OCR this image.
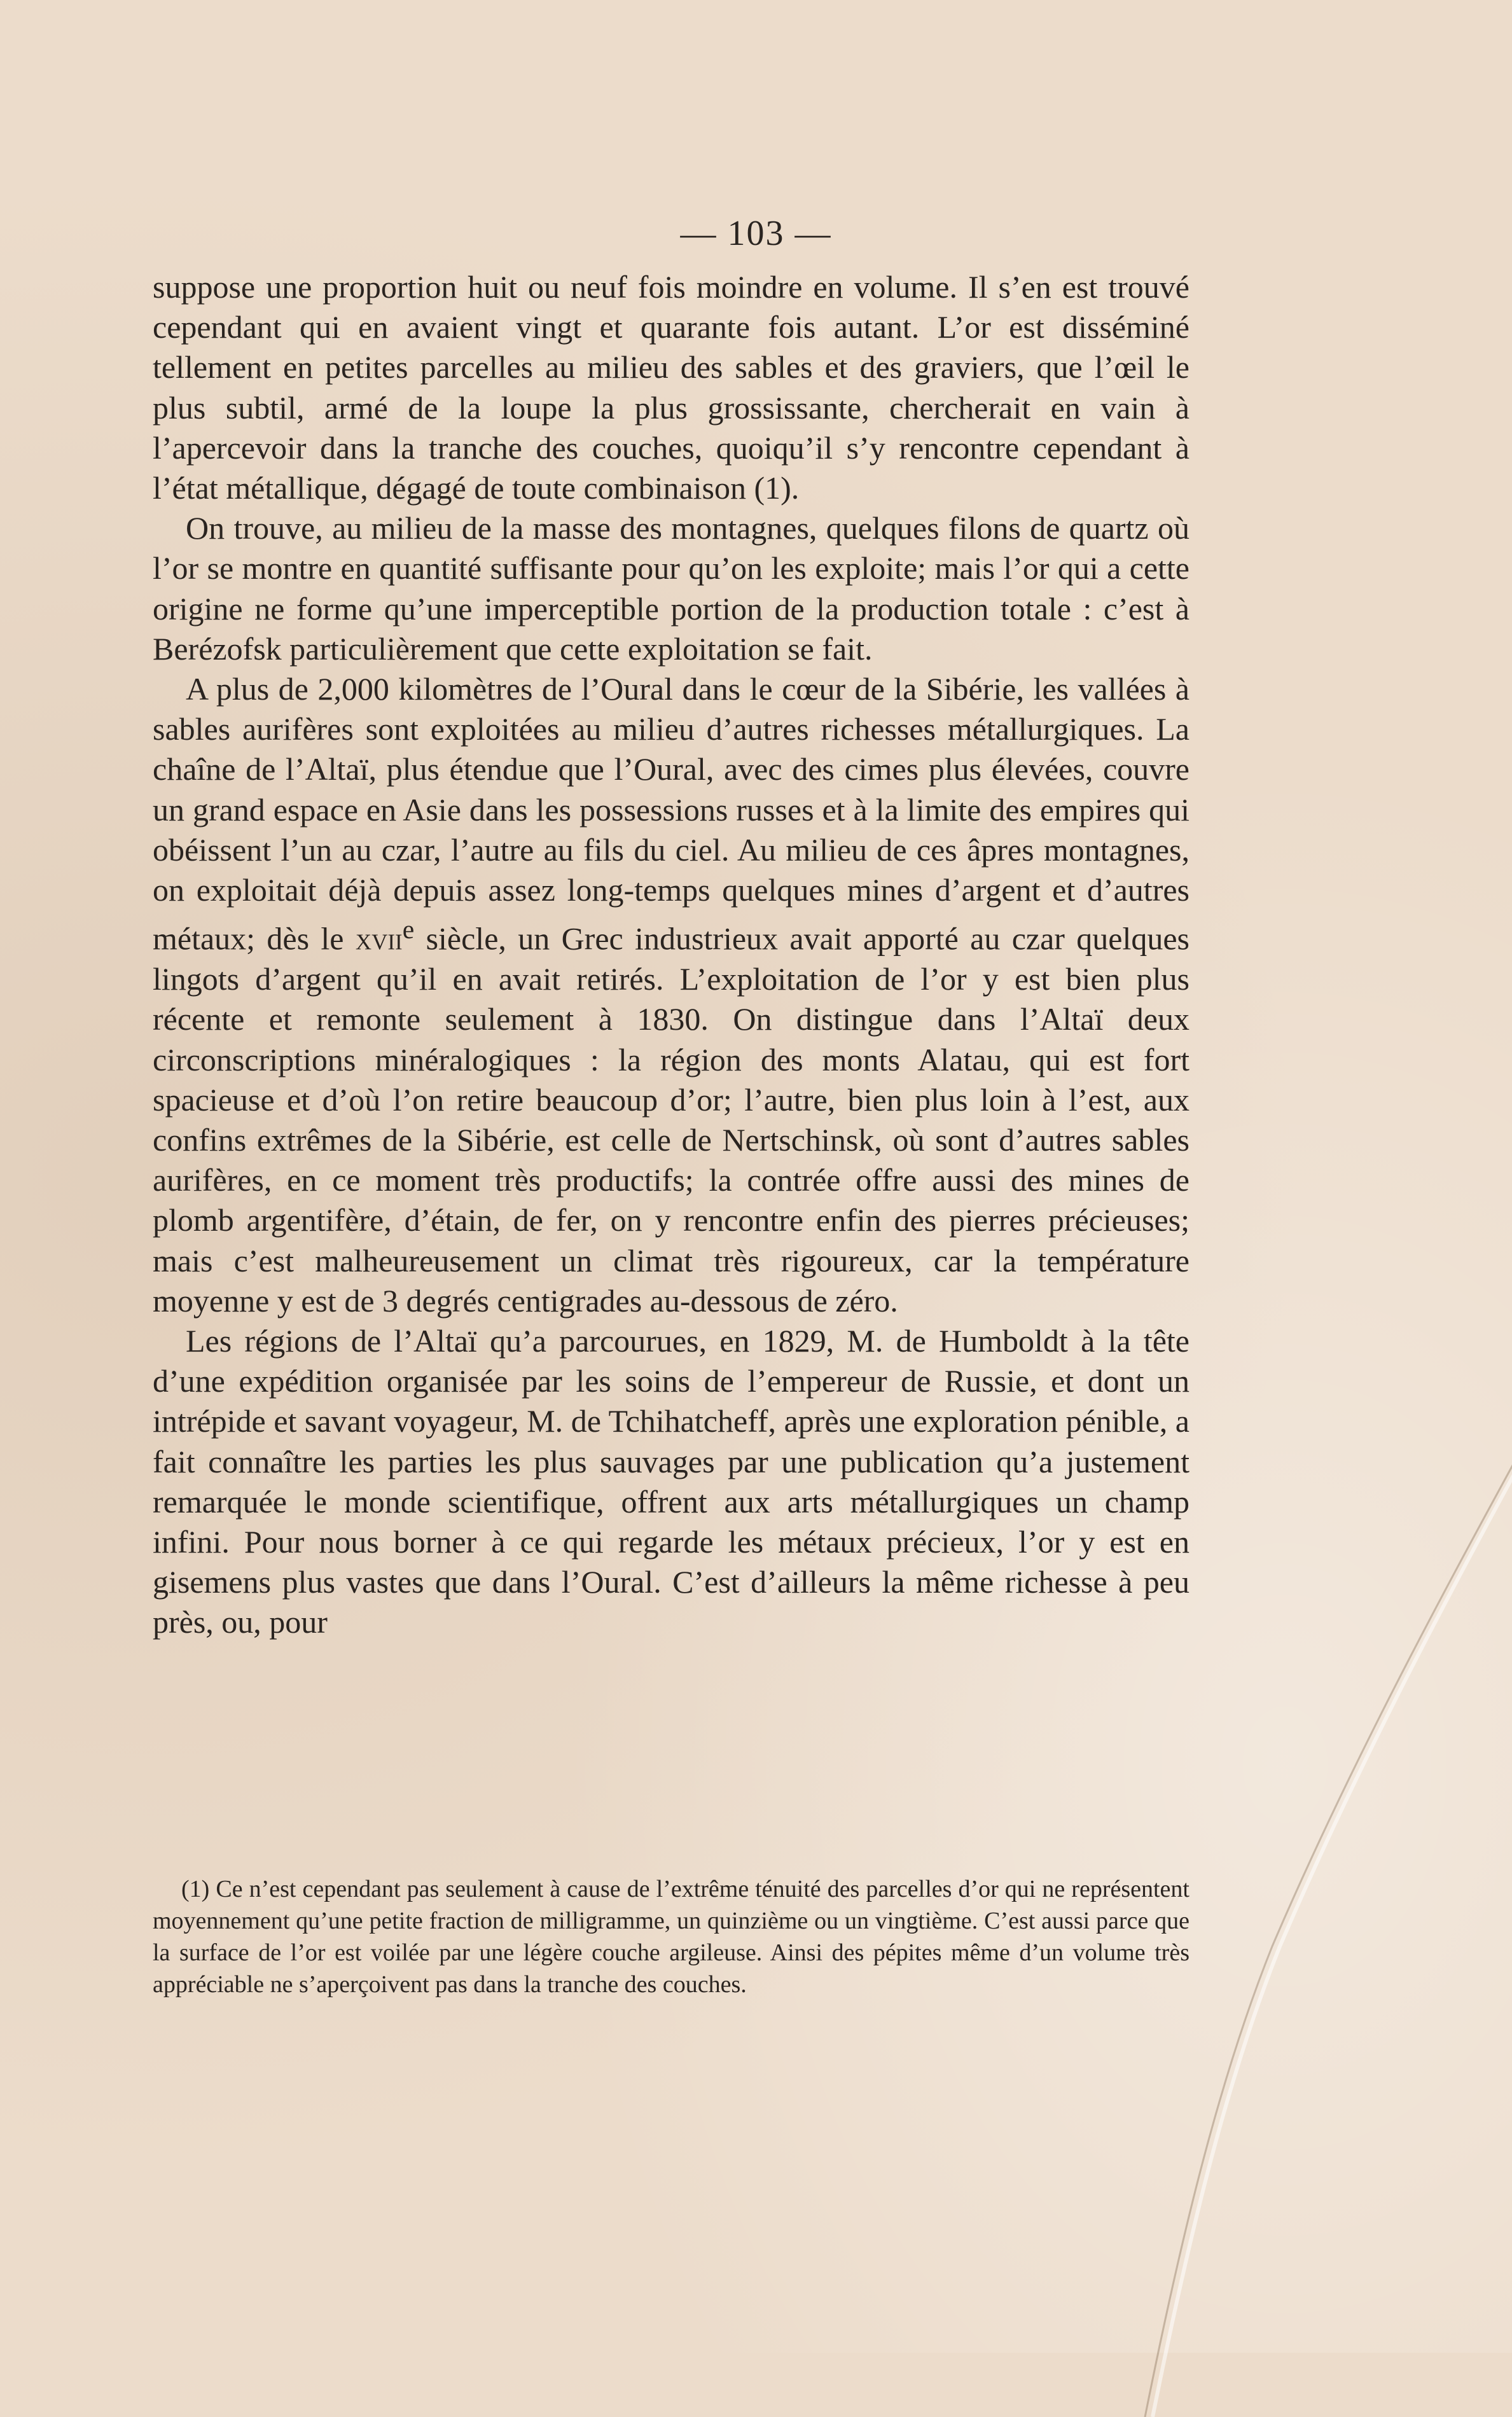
— 103 —

suppose une proportion huit ou neuf fois moindre en volume. Il s’en est trouvé cependant qui en avaient vingt et quarante fois autant. L’or est disséminé tellement en petites parcelles au milieu des sables et des graviers, que l’œil le plus subtil, armé de la loupe la plus grossissante, chercherait en vain à l’apercevoir dans la tranche des couches, quoiqu’il s’y rencontre cependant à l’état métallique, dégagé de toute combinaison (1).

On trouve, au milieu de la masse des montagnes, quelques filons de quartz où l’or se montre en quantité suffisante pour qu’on les exploite; mais l’or qui a cette origine ne forme qu’une imperceptible portion de la production totale : c’est à Berézofsk particulièrement que cette exploitation se fait.

A plus de 2,000 kilomètres de l’Oural dans le cœur de la Sibérie, les vallées à sables aurifères sont exploitées au milieu d’autres richesses métallurgiques. La chaîne de l’Altaï, plus étendue que l’Oural, avec des cimes plus élevées, couvre un grand espace en Asie dans les possessions russes et à la limite des empires qui obéissent l’un au czar, l’autre au fils du ciel. Au milieu de ces âpres montagnes, on exploitait déjà depuis assez long-temps quelques mines d’argent et d’autres métaux; dès le xvii$^e$ siècle, un Grec industrieux avait apporté au czar quelques lingots d’argent qu’il en avait retirés. L’exploitation de l’or y est bien plus récente et remonte seulement à 1830. On distingue dans l’Altaï deux circonscriptions minéralogiques : la région des monts Alatau, qui est fort spacieuse et d’où l’on retire beaucoup d’or; l’autre, bien plus loin à l’est, aux confins extrêmes de la Sibérie, est celle de Nertschinsk, où sont d’autres sables aurifères, en ce moment très productifs; la contrée offre aussi des mines de plomb argentifère, d’étain, de fer, on y rencontre enfin des pierres précieuses; mais c’est malheureusement un climat très rigoureux, car la température moyenne y est de 3 degrés centigrades au-dessous de zéro.

Les régions de l’Altaï qu’a parcourues, en 1829, M. de Humboldt à la tête d’une expédition organisée par les soins de l’empereur de Russie, et dont un intrépide et savant voyageur, M. de Tchihatcheff, après une exploration pénible, a fait connaître les parties les plus sauvages par une publication qu’a justement remarquée le monde scientifique, offrent aux arts métallurgiques un champ infini. Pour nous borner à ce qui regarde les métaux précieux, l’or y est en gisemens plus vastes que dans l’Oural. C’est d’ailleurs la même richesse à peu près, ou, pour

(1) Ce n’est cependant pas seulement à cause de l’extrême ténuité des parcelles d’or qui ne représentent moyennement qu’une petite fraction de milligramme, un quinzième ou un vingtième. C’est aussi parce que la surface de l’or est voilée par une légère couche argileuse. Ainsi des pépites même d’un volume très appréciable ne s’aperçoivent pas dans la tranche des couches.
